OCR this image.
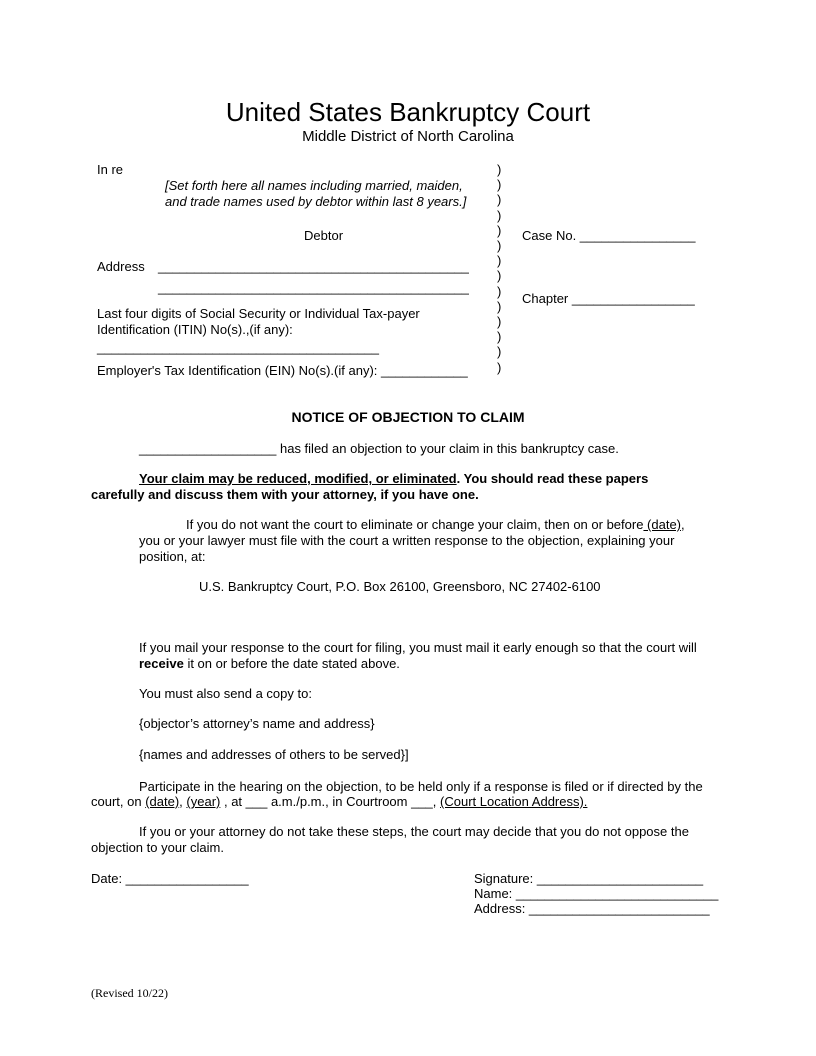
United States Bankruptcy Court
Middle District of North Carolina
In re
[Set forth here all names including married, maiden,
and trade names used by debtor within last 8 years.]
Debtor
Address ___________________________________________
___________________________________________
Last four digits of Social Security or Individual Tax-payer
Identification (ITIN) No(s).,(if any):
_______________________________________
Employer's Tax Identification (EIN) No(s).(if any): ____________
)
)
)
)
)
)
)
)
)
)
)
)
)
)
Case No. ________________
Chapter _________________
NOTICE OF OBJECTION TO CLAIM
___________________ has filed an objection to your claim in this bankruptcy case.
Your claim may be reduced, modified, or eliminated. You should read these papers
carefully and discuss them with your attorney, if you have one.
If you do not want the court to eliminate or change your claim, then on or before (date),
you or your lawyer must file with the court a written response to the objection, explaining your
position, at:
U.S. Bankruptcy Court, P.O. Box 26100, Greensboro, NC 27402-6100
If you mail your response to the court for filing, you must mail it early enough so that the court will
receive it on or before the date stated above.
You must also send a copy to:
{objector’s attorney’s name and address}
{names and addresses of others to be served}]
Participate in the hearing on the objection, to be held only if a response is filed or if directed by the
court, on (date), (year) , at ___ a.m./p.m., in Courtroom ___, (Court Location Address).
If you or your attorney do not take these steps, the court may decide that you do not oppose the
objection to your claim.
Date: _________________	Signature: _______________________
Name: ____________________________
Address: _________________________
(Revised 10/22)
